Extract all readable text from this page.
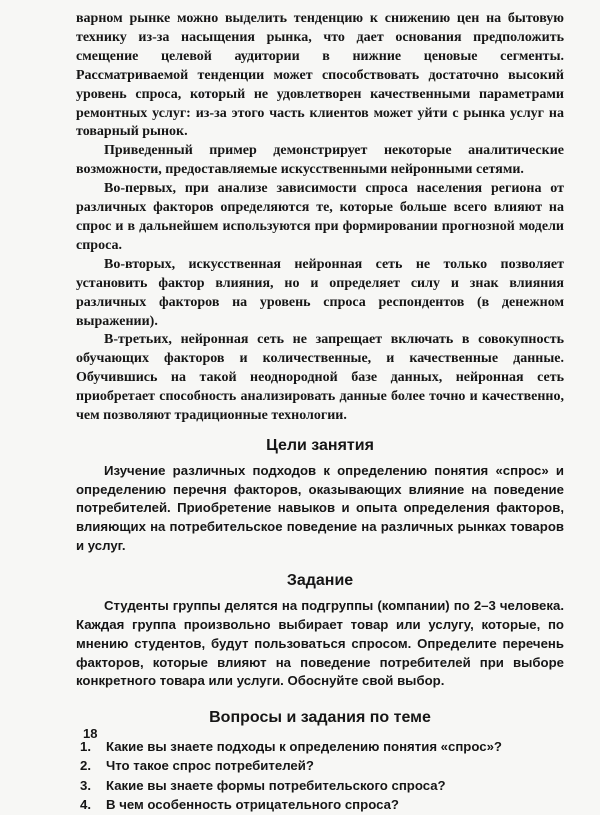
варном рынке можно выделить тенденцию к снижению цен на бытовую технику из-за насыщения рынка, что дает основания предположить смещение целевой аудитории в нижние ценовые сегменты. Рассматриваемой тенденции может способствовать достаточно высокий уровень спроса, который не удовлетворен качественными параметрами ремонтных услуг: из-за этого часть клиентов может уйти с рынка услуг на товарный рынок.

Приведенный пример демонстрирует некоторые аналитические возможности, предоставляемые искусственными нейронными сетями.

Во-первых, при анализе зависимости спроса населения региона от различных факторов определяются те, которые больше всего влияют на спрос и в дальнейшем используются при формировании прогнозной модели спроса.

Во-вторых, искусственная нейронная сеть не только позволяет установить фактор влияния, но и определяет силу и знак влияния различных факторов на уровень спроса респондентов (в денежном выражении).

В-третьих, нейронная сеть не запрещает включать в совокупность обучающих факторов и количественные, и качественные данные. Обучившись на такой неоднородной базе данных, нейронная сеть приобретает способность анализировать данные более точно и качественно, чем позволяют традиционные технологии.

Цели занятия

Изучение различных подходов к определению понятия «спрос» и определению перечня факторов, оказывающих влияние на поведение потребителей. Приобретение навыков и опыта определения факторов, влияющих на потребительское поведение на различных рынках товаров и услуг.

Задание

Студенты группы делятся на подгруппы (компании) по 2–3 человека. Каждая группа произвольно выбирает товар или услугу, которые, по мнению студентов, будут пользоваться спросом. Определите перечень факторов, которые влияют на поведение потребителей при выборе конкретного товара или услуги. Обоснуйте свой выбор.

Вопросы и задания по теме
1.	Какие вы знаете подходы к определению понятия «спрос»?
2.	Что такое спрос потребителей?
3.	Какие вы знаете формы потребительского спроса?
4.	В чем особенность отрицательного спроса?
18
